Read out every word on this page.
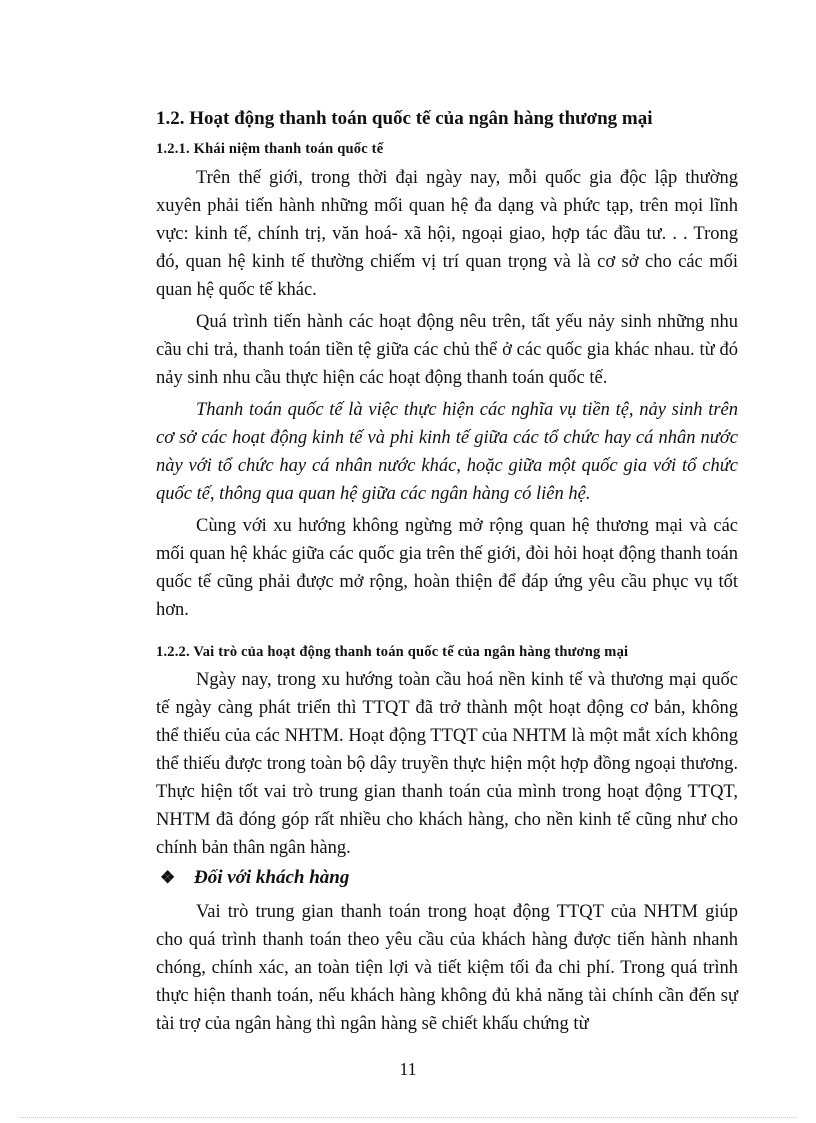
1.2. Hoạt động thanh toán quốc tế của ngân hàng thương mại
1.2.1. Khái niệm thanh toán quốc tế

Trên thế giới, trong thời đại ngày nay, mỗi quốc gia độc lập thường xuyên phải tiến hành những mối quan hệ đa dạng và phức tạp, trên mọi lĩnh vực: kinh tế, chính trị, văn hoá- xã hội, ngoại giao, hợp tác đầu tư. . . Trong đó, quan hệ kinh tế thường chiếm vị trí quan trọng và là cơ sở cho các mối quan hệ quốc tế khác.

Quá trình tiến hành các hoạt động nêu trên, tất yếu nảy sinh những nhu cầu chi trả, thanh toán tiền tệ giữa các chủ thể ở các quốc gia khác nhau. từ đó nảy sinh nhu cầu thực hiện các hoạt động thanh toán quốc tế.

Thanh toán quốc tế là việc thực hiện các nghĩa vụ tiền tệ, nảy sinh trên cơ sở các hoạt động kinh tế và phi kinh tế giữa các tổ chức hay cá nhân nước này với tổ chức hay cá nhân nước khác, hoặc giữa một quốc gia với tổ chức quốc tế, thông qua quan hệ giữa các ngân hàng có liên hệ.

Cùng với xu hướng không ngừng mở rộng quan hệ thương mại và các mối quan hệ khác giữa các quốc gia trên thế giới, đòi hỏi hoạt động thanh toán quốc tế cũng phải được mở rộng, hoàn thiện để đáp ứng yêu cầu phục vụ tốt hơn.

1.2.2. Vai trò của hoạt động thanh toán quốc tế của ngân hàng thương mại

Ngày nay, trong xu hướng toàn cầu hoá nền kinh tế và thương mại quốc tế ngày càng phát triển thì TTQT đã trở thành một hoạt động cơ bản, không thể thiếu của các NHTM. Hoạt động TTQT của NHTM là một mắt xích không thể thiếu được trong toàn bộ dây truyền thực hiện một hợp đồng ngoại thương. Thực hiện tốt vai trò trung gian thanh toán của mình trong hoạt động TTQT, NHTM đã đóng góp rất nhiều cho khách hàng, cho nền kinh tế cũng như cho chính bản thân ngân hàng.

❖ Đối với khách hàng

Vai trò trung gian thanh toán trong hoạt động TTQT của NHTM giúp cho quá trình thanh toán theo yêu cầu của khách hàng được tiến hành nhanh chóng, chính xác, an toàn tiện lợi và tiết kiệm tối đa chi phí. Trong quá trình thực hiện thanh toán, nếu khách hàng không đủ khả năng tài chính cần đến sự tài trợ của ngân hàng thì ngân hàng sẽ chiết khấu chứng từ

11
